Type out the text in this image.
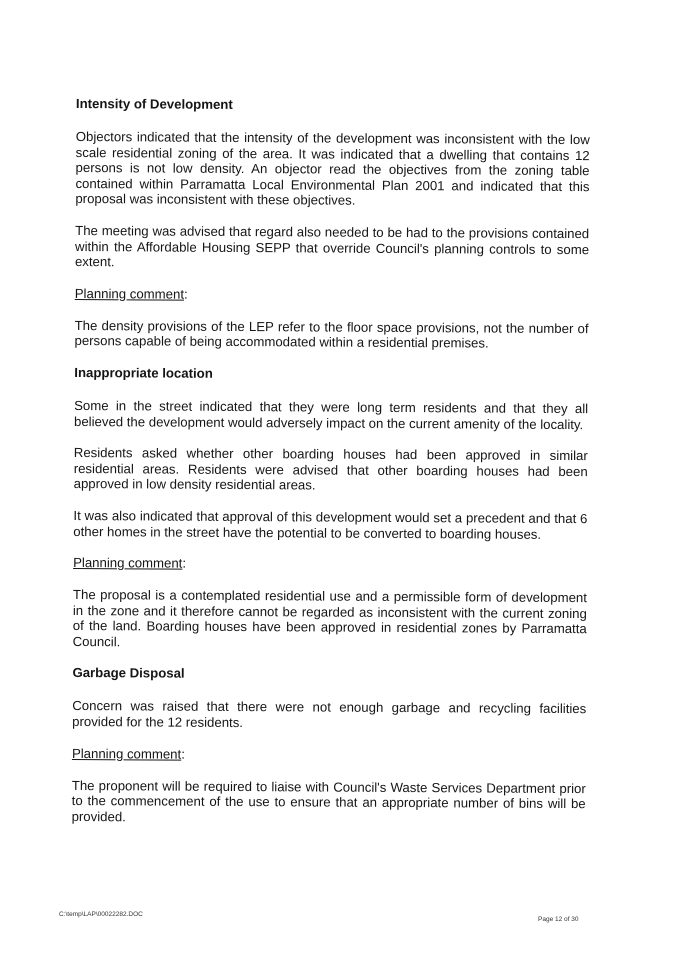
Intensity of Development

Objectors indicated that the intensity of the development was inconsistent with the low scale residential zoning of the area. It was indicated that a dwelling that contains 12 persons is not low density. An objector read the objectives from the zoning table contained within Parramatta Local Environmental Plan 2001 and indicated that this proposal was inconsistent with these objectives.

The meeting was advised that regard also needed to be had to the provisions contained within the Affordable Housing SEPP that override Council's planning controls to some extent.

Planning comment:

The density provisions of the LEP refer to the floor space provisions, not the number of persons capable of being accommodated within a residential premises.

Inappropriate location

Some in the street indicated that they were long term residents and that they all believed the development would adversely impact on the current amenity of the locality.

Residents asked whether other boarding houses had been approved in similar residential areas. Residents were advised that other boarding houses had been approved in low density residential areas.

It was also indicated that approval of this development would set a precedent and that 6 other homes in the street have the potential to be converted to boarding houses.

Planning comment:

The proposal is a contemplated residential use and a permissible form of development in the zone and it therefore cannot be regarded as inconsistent with the current zoning of the land. Boarding houses have been approved in residential zones by Parramatta Council.

Garbage Disposal

Concern was raised that there were not enough garbage and recycling facilities provided for the 12 residents.

Planning comment:

The proponent will be required to liaise with Council's Waste Services Department prior to the commencement of the use to ensure that an appropriate number of bins will be provided.

C:\temp\LAP\00022282.DOC
Page 12 of 30
